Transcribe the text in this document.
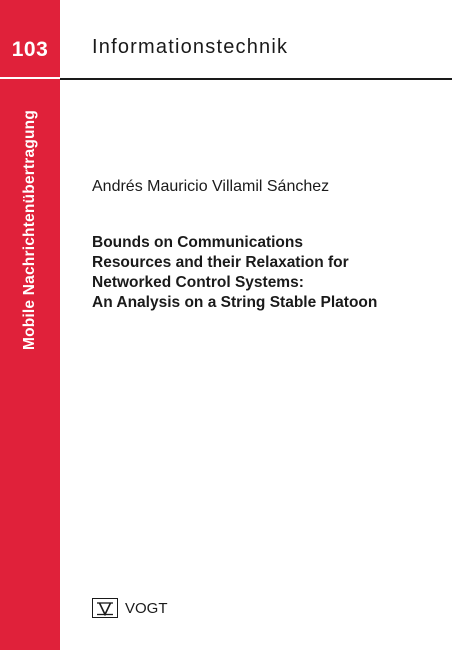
103
Mobile Nachrichtenübertragung
Informationstechnik
Andrés Mauricio Villamil Sánchez
Bounds on Communications
Resources and their Relaxation for
Networked Control Systems:
An Analysis on a String Stable Platoon
VOGT
